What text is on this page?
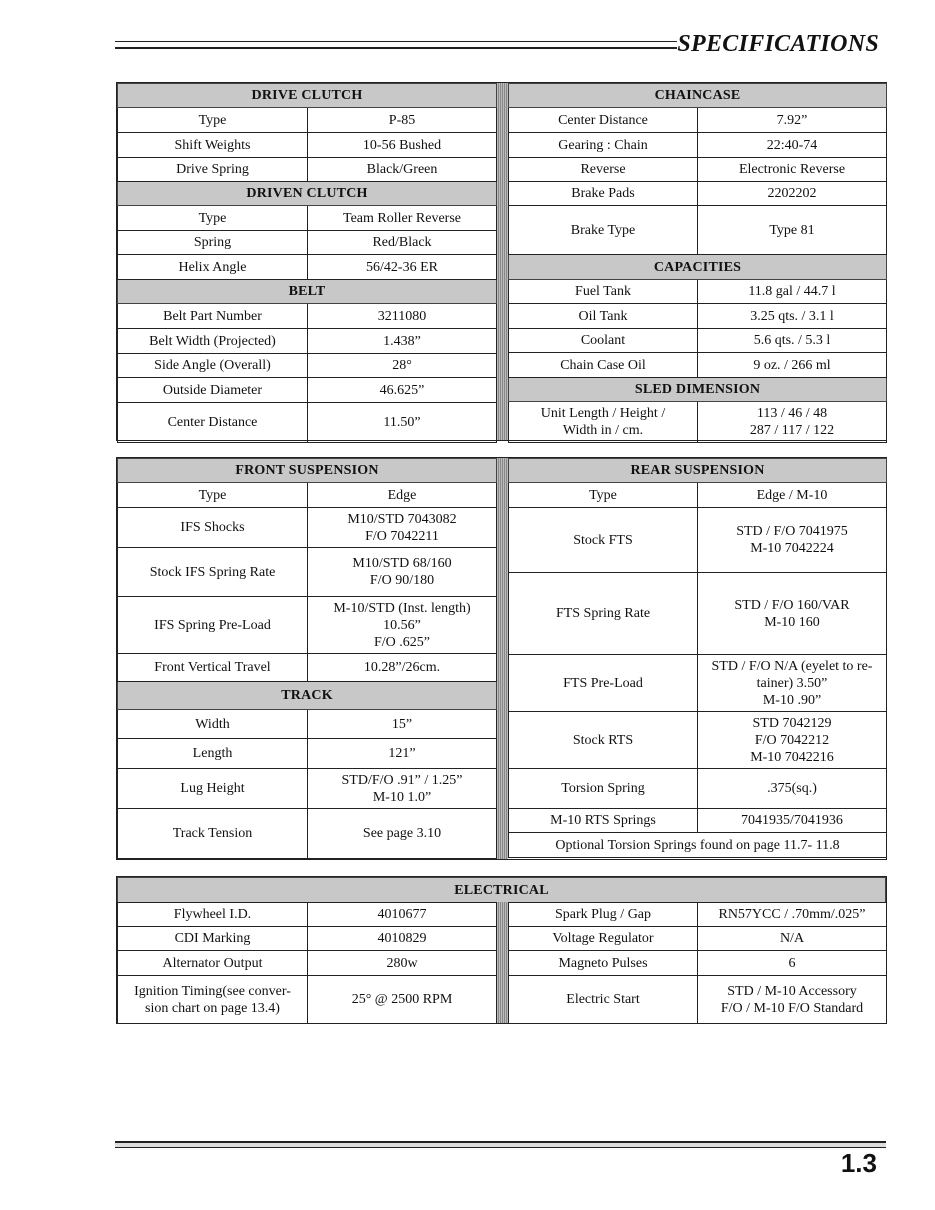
SPECIFICATIONS
DRIVE CLUTCH	
Type	P-85
Shift Weights	10-56 Bushed
Drive Spring	Black/Green
DRIVEN CLUTCH	
Type	Team Roller Reverse
Spring	Red/Black
Helix Angle	56/42-36 ER
BELT	
Belt Part Number	3211080
Belt Width (Projected)	1.438”
Side Angle (Overall)	28°
Outside Diameter	46.625”
Center Distance	11.50”
CHAINCASE	
Center Distance	7.92”
Gearing : Chain	22:40-74
Reverse	Electronic Reverse
Brake Pads	2202202
Brake Type	Type 81
CAPACITIES	
Fuel Tank	11.8 gal / 44.7 l
Oil Tank	3.25 qts. / 3.1 l
Coolant	5.6 qts. / 5.3 l
Chain Case Oil	9 oz. / 266 ml
SLED DIMENSION	

Unit Length / Height /
Width in / cm.	113 / 46 / 48
287 / 117 / 122
FRONT SUSPENSION	
Type	Edge
IFS Shocks	M10/STD 7043082
F/O 7042211

Stock IFS Spring Rate	M10/STD 68/160
F/O 90/180

IFS Spring Pre-Load	M-10/STD (Inst. length)
10.56”
F/O .625”

Front Vertical Travel	10.28”/26cm.
TRACK	
Width	15”
Length	121”
Lug Height	STD/F/O .91” / 1.25”
M-10 1.0”

Track Tension	See page 3.10
REAR SUSPENSION	
Type	Edge / M-10
Stock FTS	STD / F/O 7041975
M-10 7042224

FTS Spring Rate	STD / F/O 160/VAR
M-10 160

FTS Pre-Load	STD / F/O N/A (eyelet to re-
tainer) 3.50”
M-10 .90”

Stock RTS	STD 7042129
F/O 7042212
M-10 7042216

Torsion Spring	.375(sq.)
M-10 RTS Springs	7041935/7041936
Optional Torsion Springs found on page 11.7- 11.8	
ELECTRICAL
Flywheel I.D.	4010677
CDI Marking	4010829
Alternator Output	280w

Ignition Timing(see conver-
sion chart on page 13.4)	25° @ 2500 RPM
Spark Plug / Gap	RN57YCC / .70mm/.025”
Voltage Regulator	N/A
Magneto Pulses	6
Electric Start	STD / M-10 Accessory
F/O / M-10 F/O Standard
1.3
